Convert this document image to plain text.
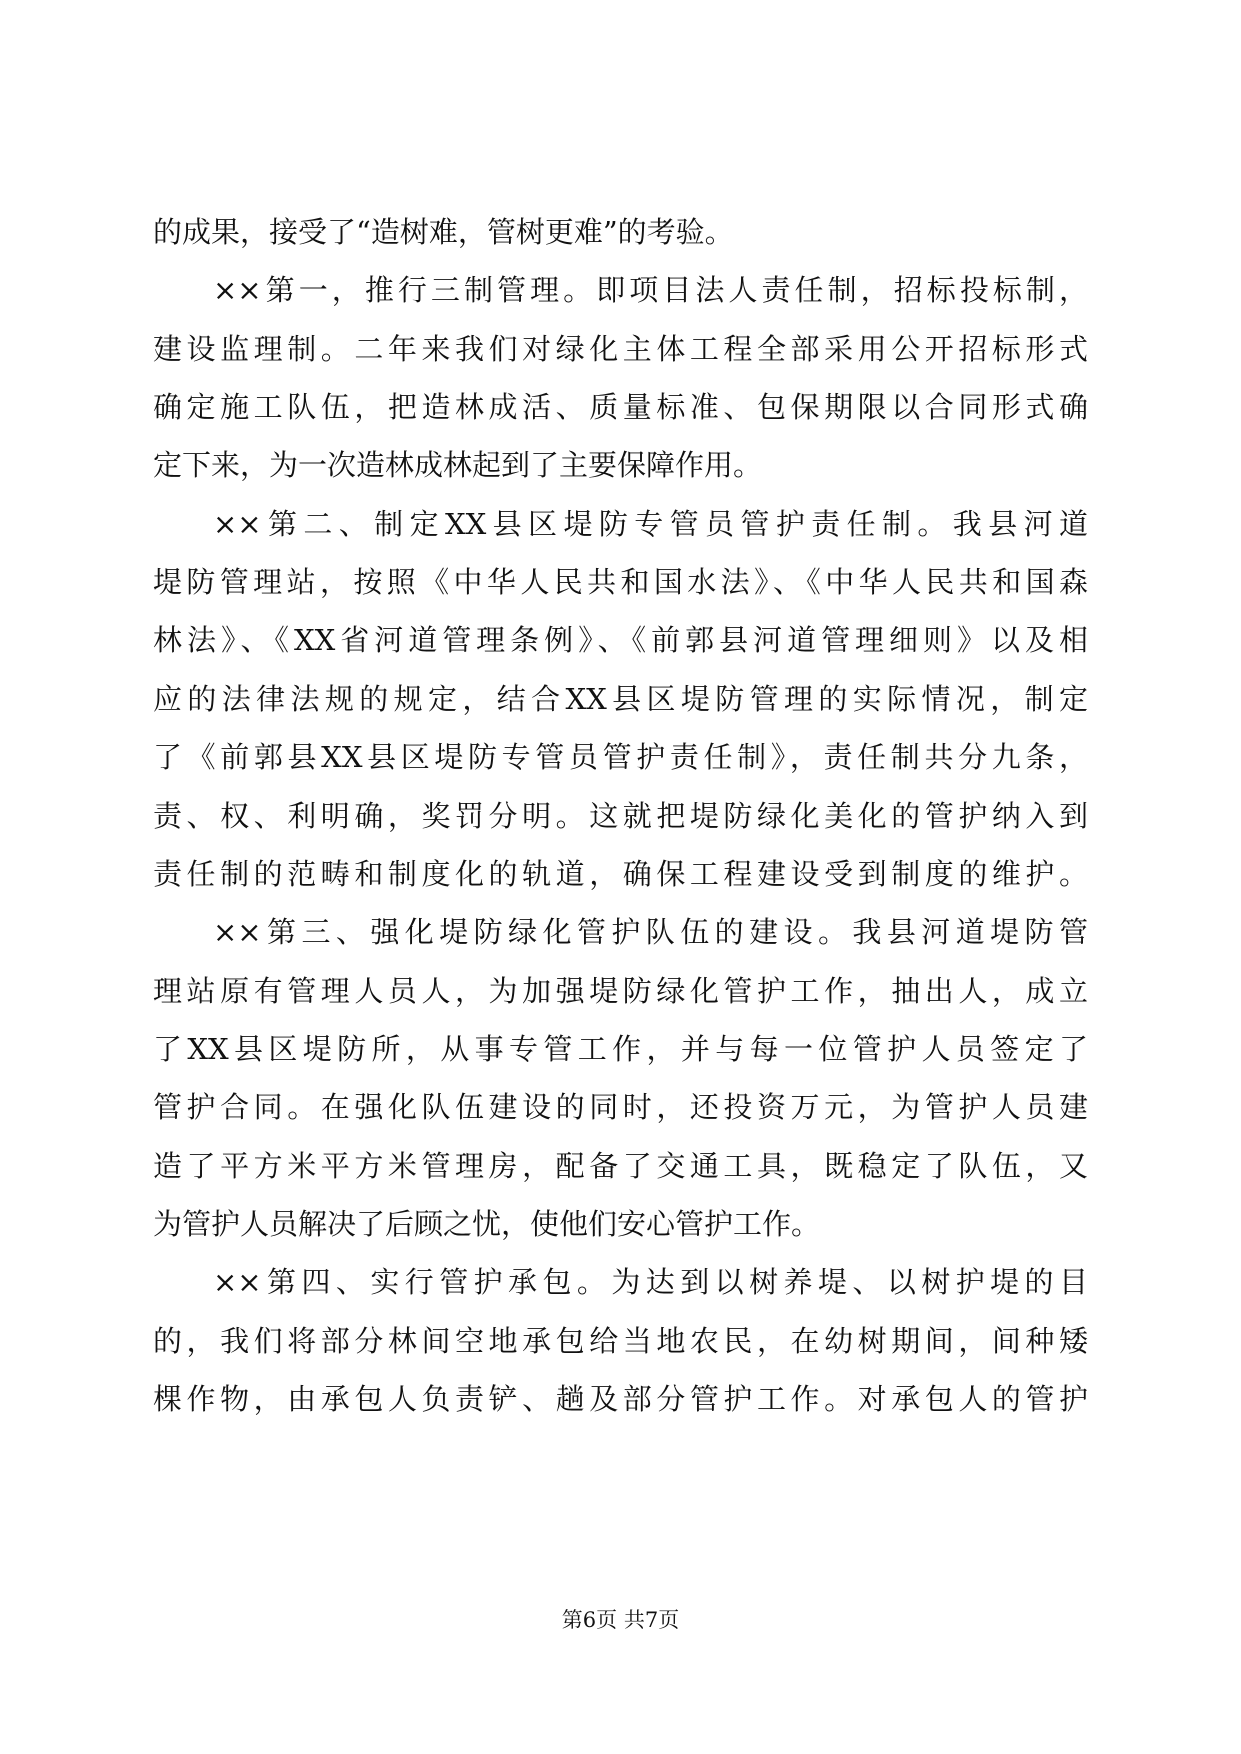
的成果，接受了“造树难，管树更难”的考验。
××第一，推行三制管理。即项目法人责任制，招标投标制，
建设监理制。二年来我们对绿化主体工程全部采用公开招标形式
确定施工队伍，把造林成活、质量标准、包保期限以合同形式确
定下来，为一次造林成林起到了主要保障作用。
××第二、制定XX县区堤防专管员管护责任制。我县河道
堤防管理站，按照《中华人民共和国水法》、《中华人民共和国森
林法》、《XX省河道管理条例》、《前郭县河道管理细则》以及相
应的法律法规的规定，结合XX县区堤防管理的实际情况，制定
了《前郭县XX县区堤防专管员管护责任制》，责任制共分九条，
责、权、利明确，奖罚分明。这就把堤防绿化美化的管护纳入到
责任制的范畴和制度化的轨道，确保工程建设受到制度的维护。
××第三、强化堤防绿化管护队伍的建设。我县河道堤防管
理站原有管理人员人，为加强堤防绿化管护工作，抽出人，成立
了XX县区堤防所，从事专管工作，并与每一位管护人员签定了
管护合同。在强化队伍建设的同时，还投资万元，为管护人员建
造了平方米平方米管理房，配备了交通工具，既稳定了队伍，又
为管护人员解决了后顾之忧，使他们安心管护工作。
××第四、实行管护承包。为达到以树养堤、以树护堤的目
的，我们将部分林间空地承包给当地农民，在幼树期间，间种矮
棵作物，由承包人负责铲、趟及部分管护工作。对承包人的管护
第6页 共7页
